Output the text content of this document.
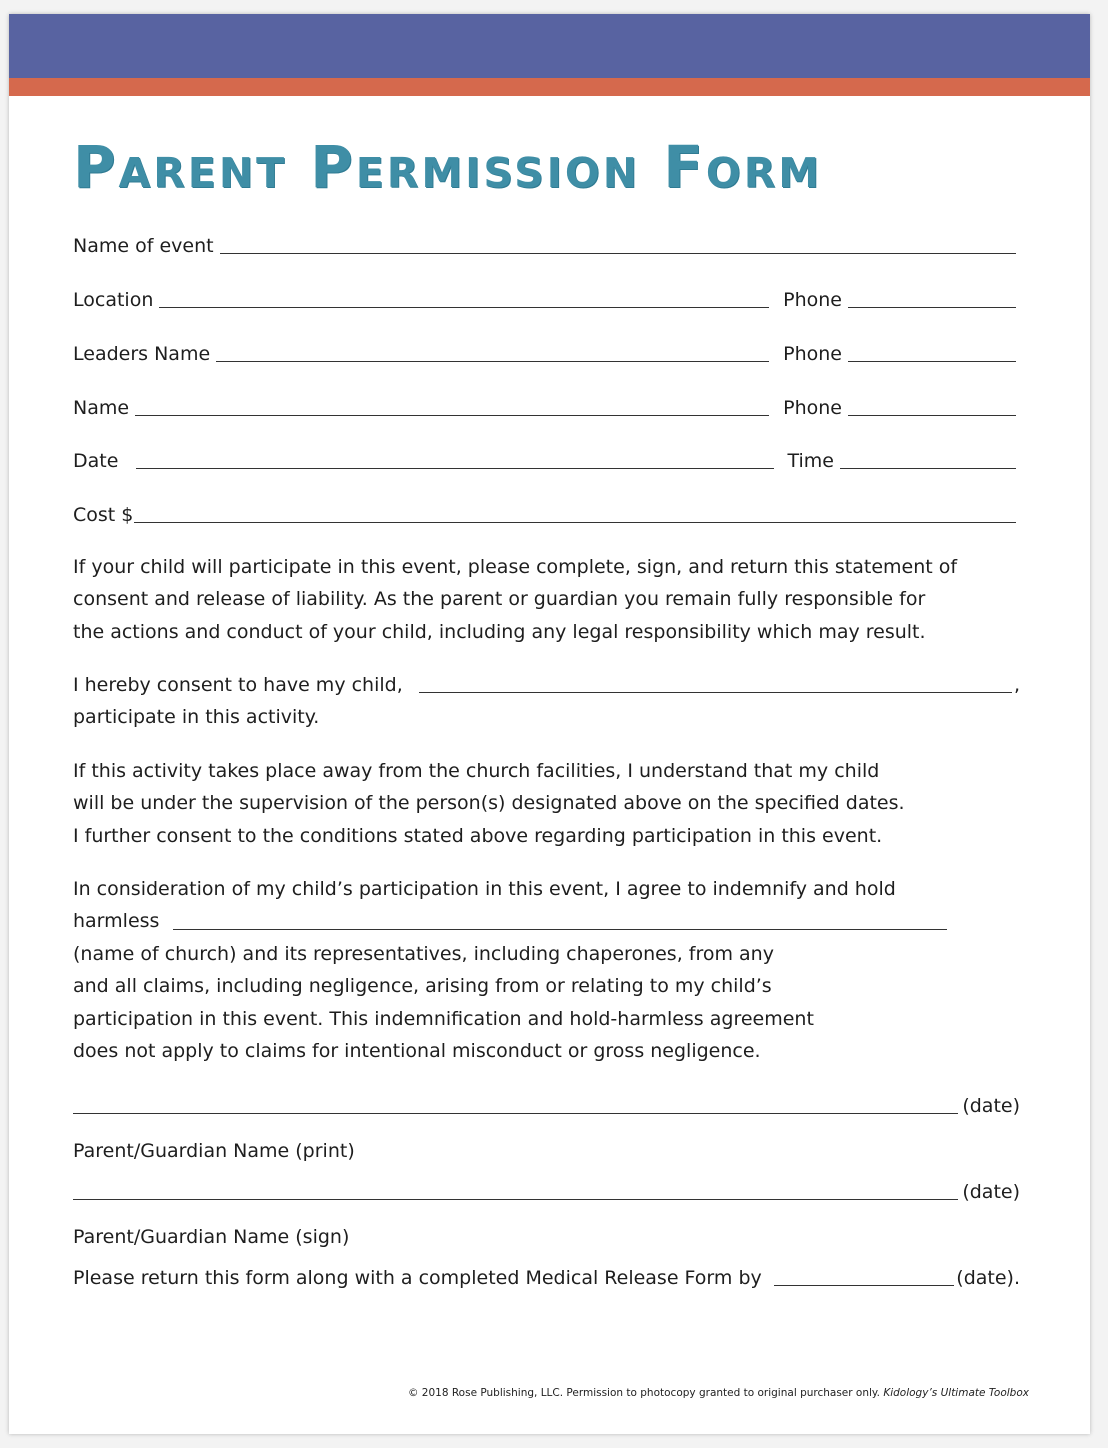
Parent Permission Form
Name of event
Location	Phone
Leaders Name	Phone
Name	Phone
Date	Time
Cost $
If your child will participate in this event, please complete, sign, and return this statement of
consent and release of liability. As the parent or guardian you remain fully responsible for
the actions and conduct of your child, including any legal responsibility which may result.
I hereby consent to have my child,	,
participate in this activity.
If this activity takes place away from the church facilities, I understand that my child
will be under the supervision of the person(s) designated above on the specified dates.
I further consent to the conditions stated above regarding participation in this event.
In consideration of my child’s participation in this event, I agree to indemnify and hold
harmless
(name of church) and its representatives, including chaperones, from any
and all claims, including negligence, arising from or relating to my child’s
participation in this event. This indemnification and hold-harmless agreement
does not apply to claims for intentional misconduct or gross negligence.
(date)
Parent/Guardian Name (print)
(date)
Parent/Guardian Name (sign)
Please return this form along with a completed Medical Release Form by	(date).
© 2018 Rose Publishing, LLC. Permission to photocopy granted to original purchaser only. Kidology’s Ultimate Toolbox
